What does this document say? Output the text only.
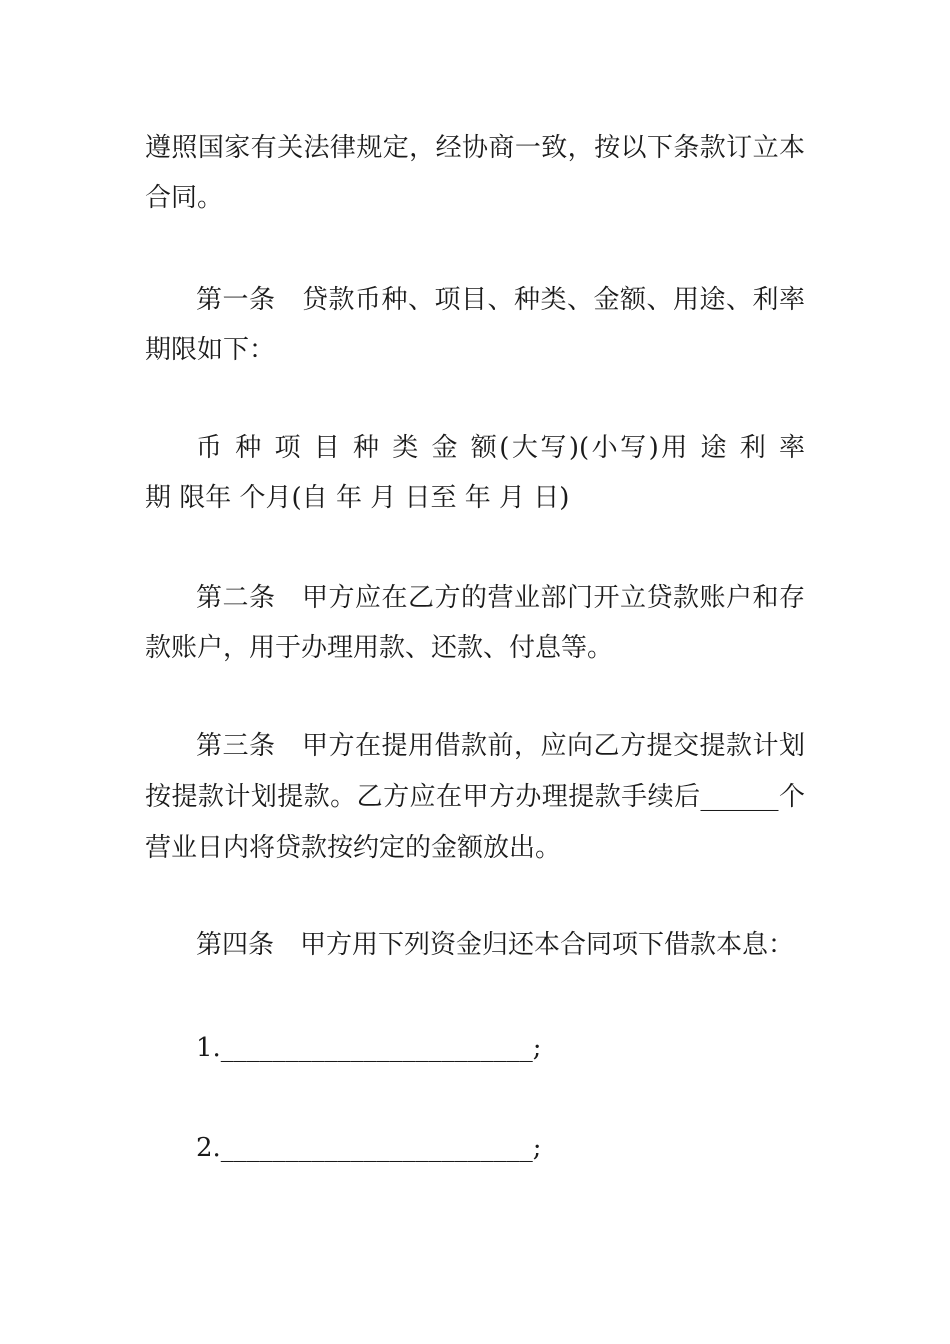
遵照国家有关法律规定，经协商一致，按以下条款订立本
合同。
第一条　贷款币种、项目、种类、金额、用途、利率
期限如下：
币 种 项 目 种 类 金 额(大写)(小写)用 途 利 率
期 限年 个月(自 年 月 日至 年 月 日)
第二条　甲方应在乙方的营业部门开立贷款账户和存
款账户，用于办理用款、还款、付息等。
第三条　甲方在提用借款前，应向乙方提交提款计划
按提款计划提款。乙方应在甲方办理提款手续后______个
营业日内将贷款按约定的金额放出。
第四条　甲方用下列资金归还本合同项下借款本息：
1.________________________;
2.________________________;
